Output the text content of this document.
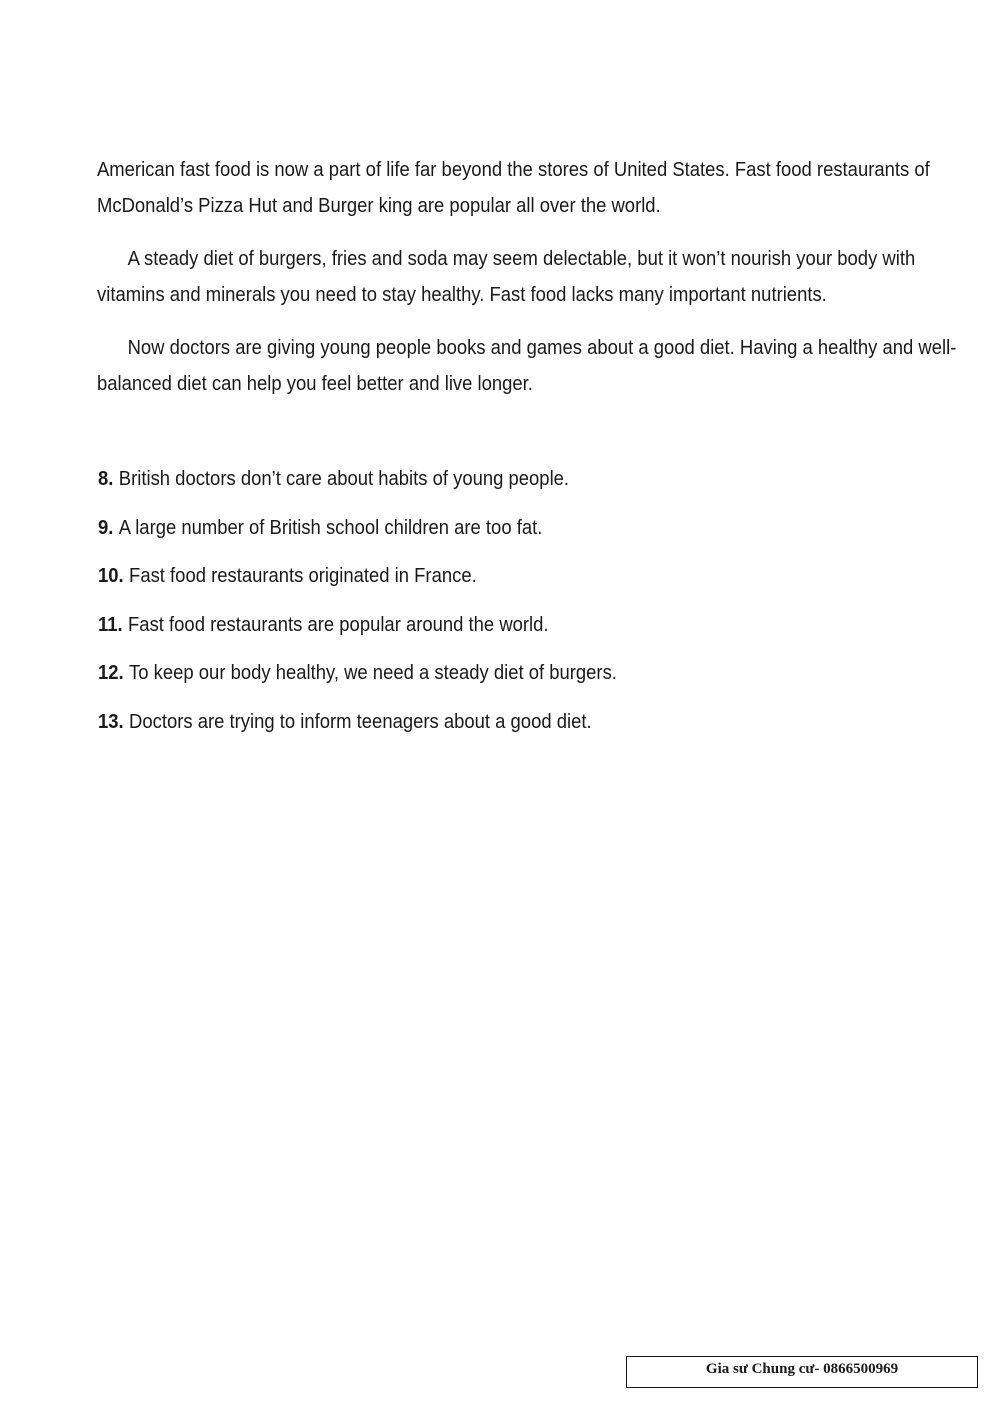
American fast food is now a part of life far beyond the stores of United States. Fast food restaurants of McDonald’s Pizza Hut and Burger king are popular all over the world.

A steady diet of burgers, fries and soda may seem delectable, but it won’t nourish your body with vitamins and minerals you need to stay healthy. Fast food lacks many important nutrients.

Now doctors are giving young people books and games about a good diet. Having a healthy and well-balanced diet can help you feel better and live longer.

8. British doctors don’t care about habits of young people.
9. A large number of British school children are too fat.
10. Fast food restaurants originated in France.
11. Fast food restaurants are popular around the world.
12. To keep our body healthy, we need a steady diet of burgers.
13. Doctors are trying to inform teenagers about a good diet.
Gia sư Chung cư- 0866500969
